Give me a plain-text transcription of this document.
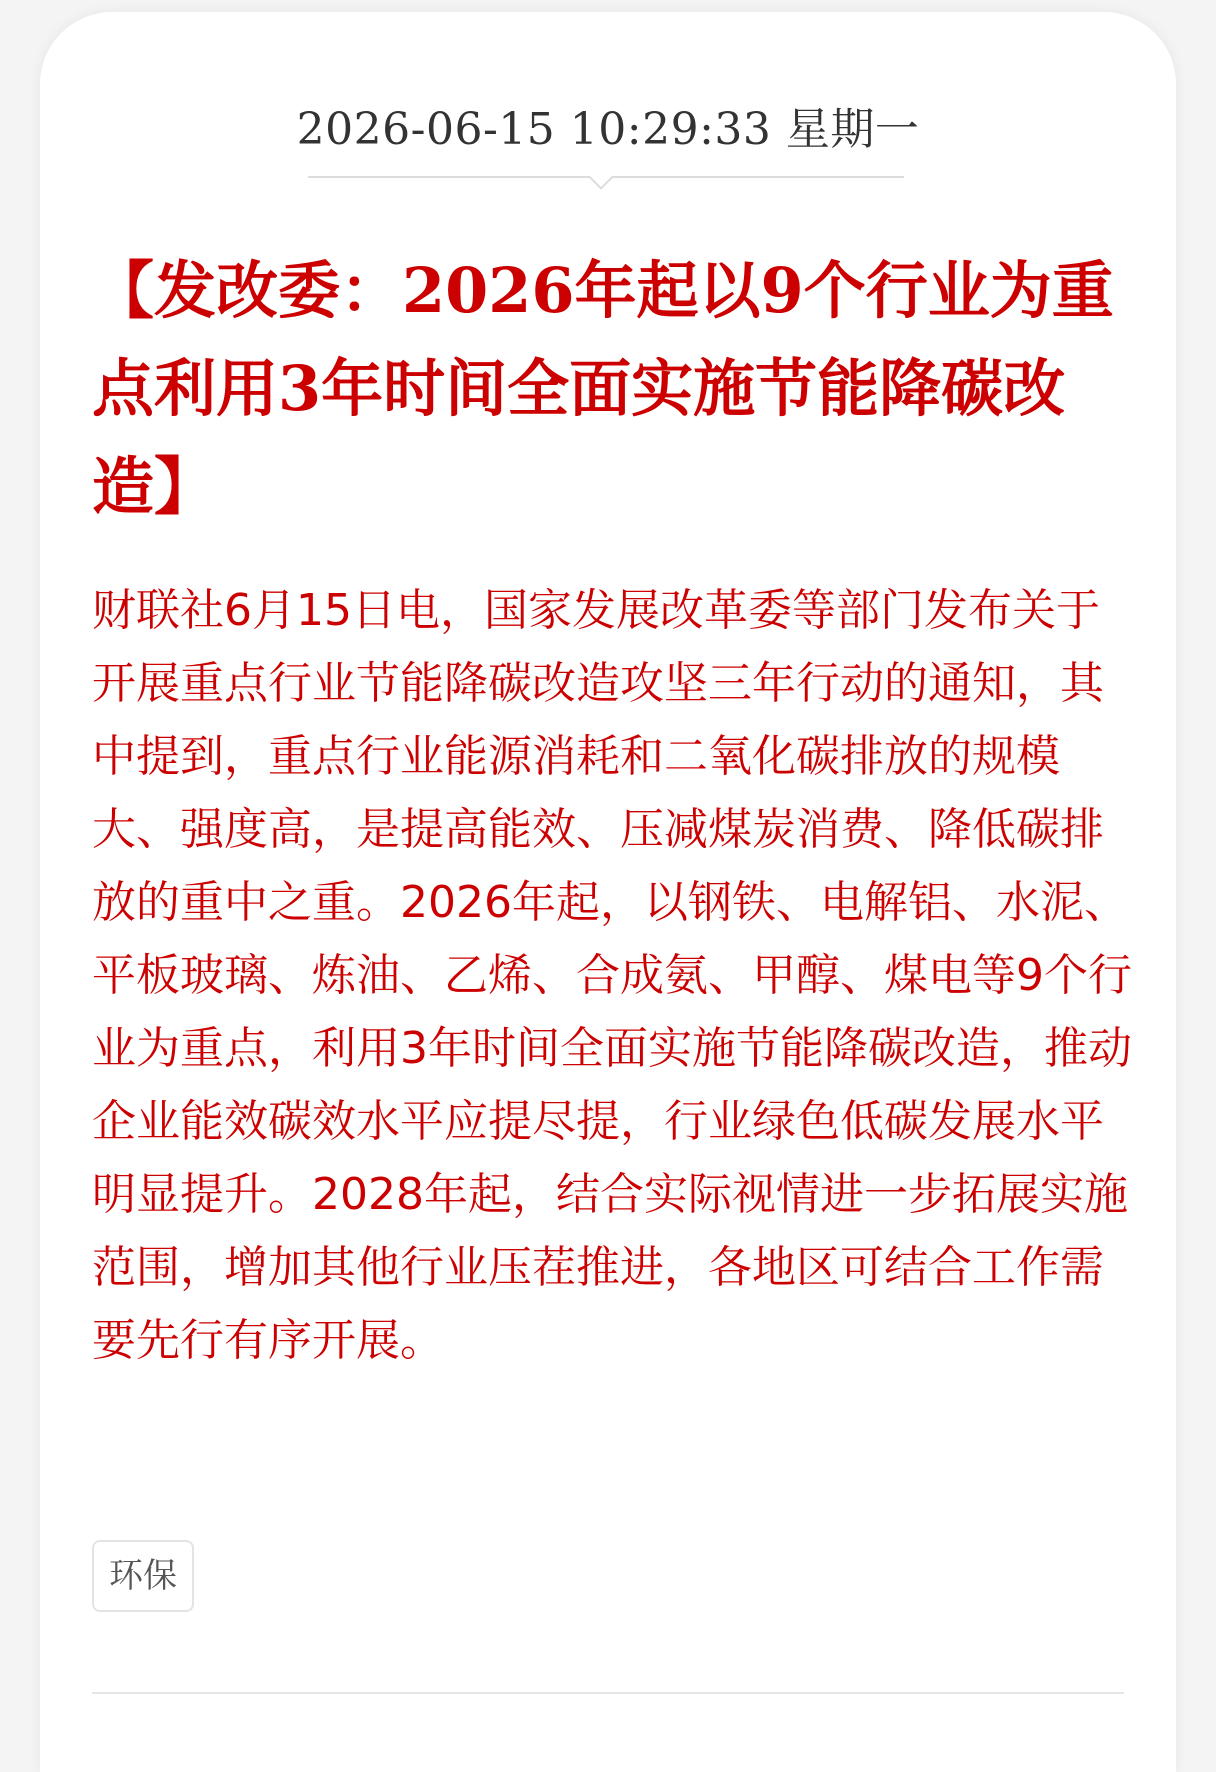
2026-06-15 10:29:33 星期一
【发改委：2026年起以9个行业为重点利用3年时间全面实施节能降碳改造】

财联社6月15日电，国家发展改革委等部门发布关于开展重点行业节能降碳改造攻坚三年行动的通知，其中提到，重点行业能源消耗和二氧化碳排放的规模大、强度高，是提高能效、压减煤炭消费、降低碳排放的重中之重。2026年起，以钢铁、电解铝、水泥、平板玻璃、炼油、乙烯、合成氨、甲醇、煤电等9个行业为重点，利用3年时间全面实施节能降碳改造，推动企业能效碳效水平应提尽提，行业绿色低碳发展水平明显提升。2028年起，结合实际视情进一步拓展实施范围，增加其他行业压茬推进，各地区可结合工作需要先行有序开展。

环保
